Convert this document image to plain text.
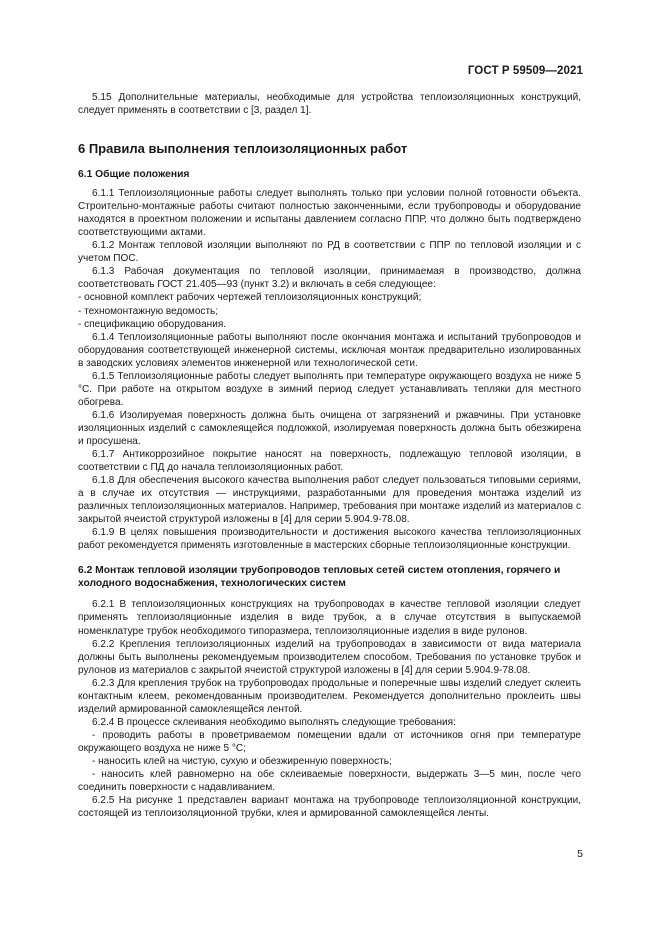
ГОСТ Р 59509—2021

5.15 Дополнительные материалы, необходимые для устройства теплоизоляционных конструкций, следует применять в соответствии с [3, раздел 1].

6 Правила выполнения теплоизоляционных работ
6.1 Общие положения

6.1.1 Теплоизоляционные работы следует выполнять только при условии полной готовности объекта. Строительно-монтажные работы считают полностью законченными, если трубопроводы и оборудование находятся в проектном положении и испытаны давлением согласно ППР, что должно быть подтверждено соответствующими актами.

6.1.2 Монтаж тепловой изоляции выполняют по РД в соответствии с ППР по тепловой изоляции и с учетом ПОС.

6.1.3 Рабочая документация по тепловой изоляции, принимаемая в производство, должна соответствовать ГОСТ 21.405—93 (пункт 3.2) и включать в себя следующее:

- основной комплект рабочих чертежей теплоизоляционных конструкций;

- техномонтажную ведомость;

- спецификацию оборудования.

6.1.4 Теплоизоляционные работы выполняют после окончания монтажа и испытаний трубопроводов и оборудования соответствующей инженерной системы, исключая монтаж предварительно изолированных в заводских условиях элементов инженерной или технологической сети.

6.1.5 Теплоизоляционные работы следует выполнять при температуре окружающего воздуха не ниже 5 °С. При работе на открытом воздухе в зимний период следует устанавливать тепляки для местного обогрева.

6.1.6 Изолируемая поверхность должна быть очищена от загрязнений и ржавчины. При установке изоляционных изделий с самоклеящейся подложкой, изолируемая поверхность должна быть обезжирена и просушена.

6.1.7 Антикоррозийное покрытие наносят на поверхность, подлежащую тепловой изоляции, в соответствии с ПД до начала теплоизоляционных работ.

6.1.8 Для обеспечения высокого качества выполнения работ следует пользоваться типовыми сериями, а в случае их отсутствия — инструкциями, разработанными для проведения монтажа изделий из различных теплоизоляционных материалов. Например, требования при монтаже изделий из материалов с закрытой ячеистой структурой изложены в [4] для серии 5.904.9-78.08.

6.1.9 В целях повышения производительности и достижения высокого качества теплоизоляционных работ рекомендуется применять изготовленные в мастерских сборные теплоизоляционные конструкции.

6.2 Монтаж тепловой изоляции трубопроводов тепловых сетей систем отопления, горячего и холодного водоснабжения, технологических систем

6.2.1 В теплоизоляционных конструкциях на трубопроводах в качестве тепловой изоляции следует применять теплоизоляционные изделия в виде трубок, а в случае отсутствия в выпускаемой номенклатуре трубок необходимого типоразмера, теплоизоляционные изделия в виде рулонов.

6.2.2 Крепления теплоизоляционных изделий на трубопроводах в зависимости от вида материала должны быть выполнены рекомендуемым производителем способом. Требования по установке трубок и рулонов из материалов с закрытой ячеистой структурой изложены в [4] для серии 5.904.9-78.08.

6.2.3 Для крепления трубок на трубопроводах продольные и поперечные швы изделий следует склеить контактным клеем, рекомендованным производителем. Рекомендуется дополнительно проклеить швы изделий армированной самоклеящейся лентой.

6.2.4 В процессе склеивания необходимо выполнять следующие требования:

- проводить работы в проветриваемом помещении вдали от источников огня при температуре окружающего воздуха не ниже 5 °С;

- наносить клей на чистую, сухую и обезжиренную поверхность;

- наносить клей равномерно на обе склеиваемые поверхности, выдержать 3—5 мин, после чего соединить поверхности с надавливанием.

6.2.5 На рисунке 1 представлен вариант монтажа на трубопроводе теплоизоляционной конструкции, состоящей из теплоизоляционной трубки, клея и армированной самоклеящейся ленты.

5
